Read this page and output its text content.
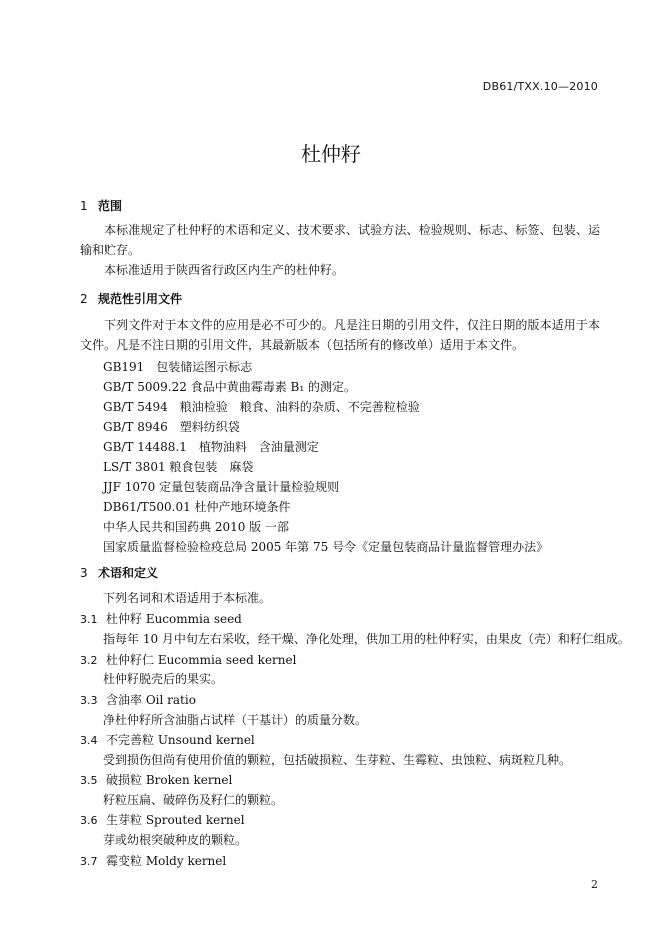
DB61/TXX.10—2010
杜仲籽
1 范围
本标准规定了杜仲籽的术语和定义、技术要求、试验方法、检验规则、标志、标签、包装、运输和贮存。
本标准适用于陕西省行政区内生产的杜仲籽。
2 规范性引用文件
下列文件对于本文件的应用是必不可少的。凡是注日期的引用文件，仅注日期的版本适用于本文件。凡是不注日期的引用文件，其最新版本（包括所有的修改单）适用于本文件。
GB191　包装储运图示标志
GB/T 5009.22 食品中黄曲霉毒素 B₁ 的测定。
GB/T 5494　粮油检验　粮食、油料的杂质、不完善粒检验
GB/T 8946　塑料纺织袋
GB/T 14488.1　植物油料　含油量测定
LS/T 3801 粮食包装　麻袋
JJF 1070 定量包装商品净含量计量检验规则
DB61/T500.01 杜仲产地环境条件
中华人民共和国药典 2010 版 一部
国家质量监督检验检疫总局 2005 年第 75 号令《定量包装商品计量监督管理办法》
3 术语和定义
下列名词和术语适用于本标准。
3.1 杜仲籽 Eucommia seed
指每年 10 月中旬左右采收，经干燥、净化处理，供加工用的杜仲籽实，由果皮（壳）和籽仁组成。
3.2 杜仲籽仁 Eucommia seed kernel
杜仲籽脱壳后的果实。
3.3 含油率 Oil ratio
净杜仲籽所含油脂占试样（干基计）的质量分数。
3.4 不完善粒 Unsound kernel
受到损伤但尚有使用价值的颗粒，包括破损粒、生芽粒、生霉粒、虫蚀粒、病斑粒几种。
3.5 破损粒 Broken kernel
籽粒压扁、破碎伤及籽仁的颗粒。
3.6 生芽粒 Sprouted kernel
芽或幼根突破种皮的颗粒。
3.7 霉变粒 Moldy kernel
2
